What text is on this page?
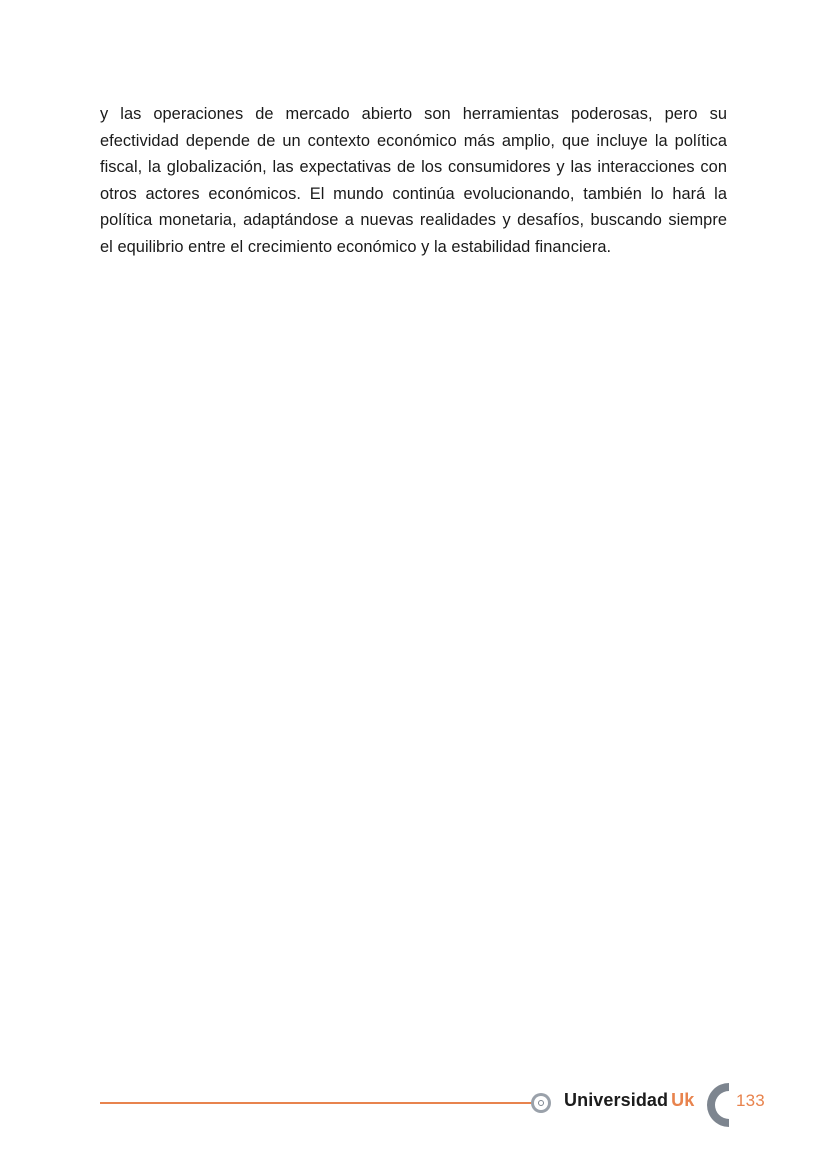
y las operaciones de mercado abierto son herramientas poderosas, pero su efectividad depende de un contexto económico más amplio, que incluye la política fiscal, la globalización, las expectativas de los consumidores y las interacciones con otros actores económicos. El mundo continúa evolucionando, también lo hará la política monetaria, adaptándose a nuevas realidades y desafíos, buscando siempre el equilibrio entre el crecimiento económico y la estabilidad financiera.

Universidad Uk 133
